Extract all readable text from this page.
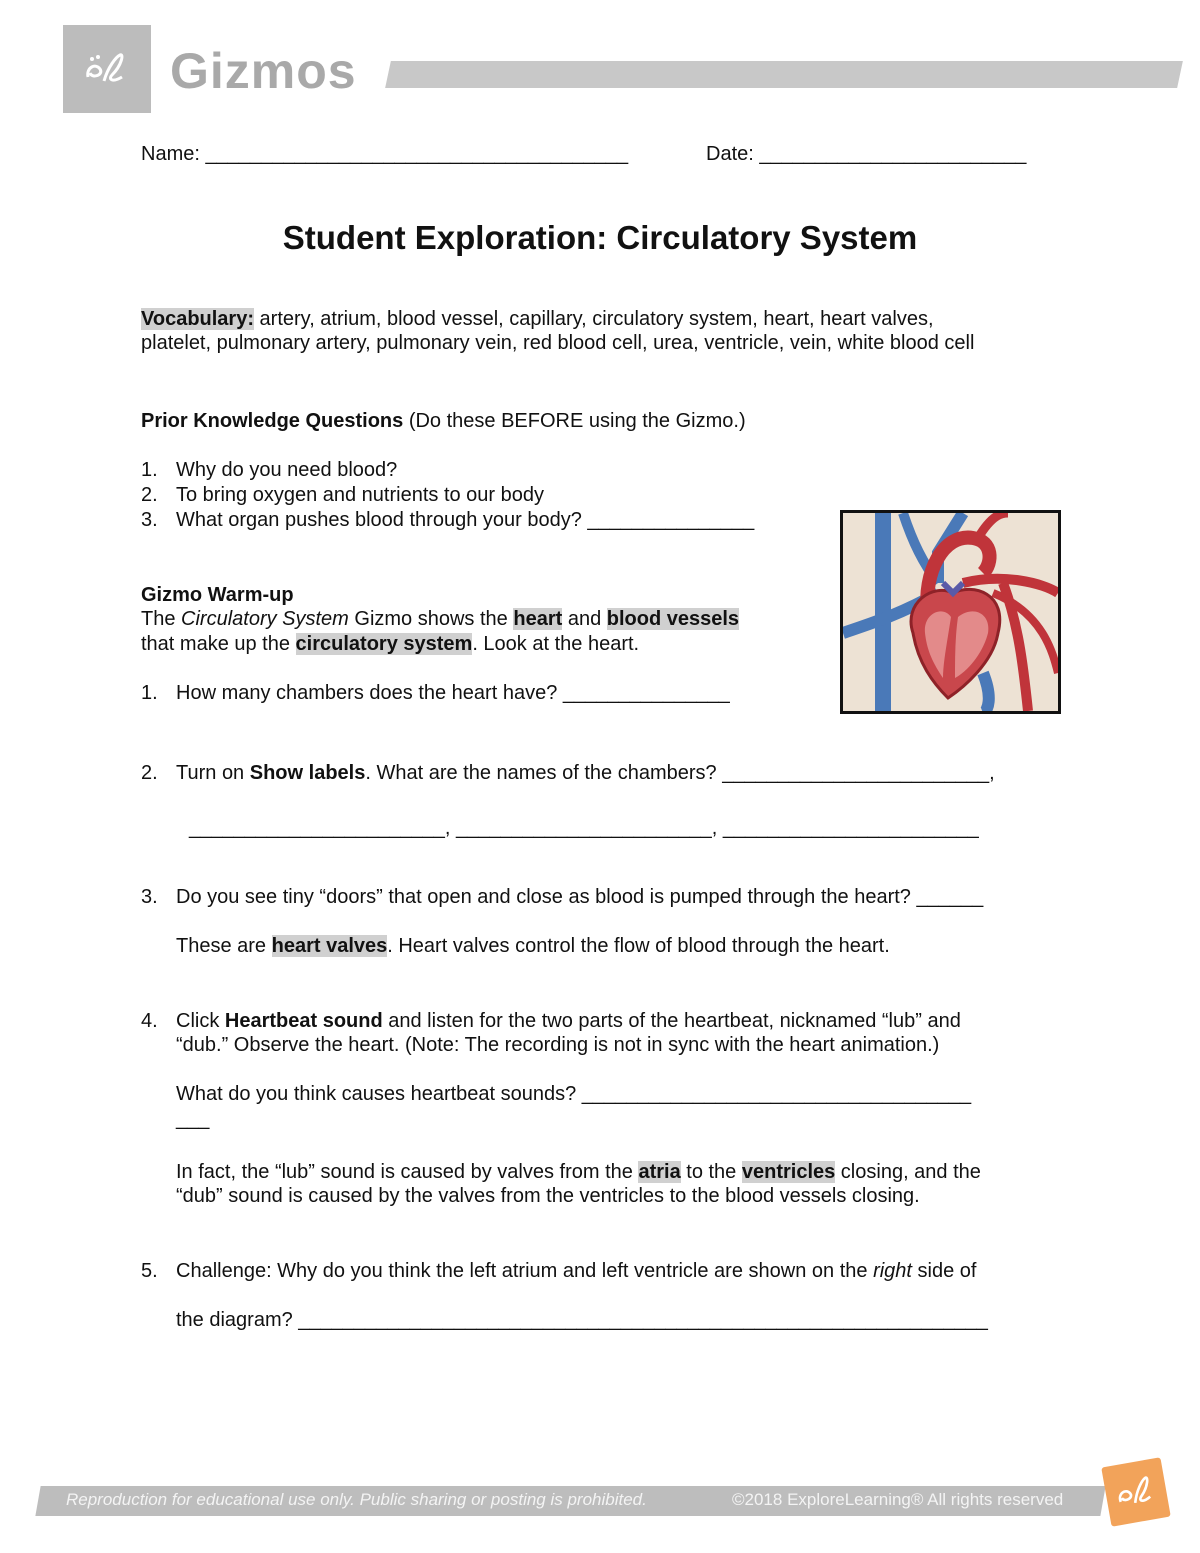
Gizmos
Name: ______________________________________	Date: ________________________
Student Exploration: Circulatory System
Vocabulary: artery, atrium, blood vessel, capillary, circulatory system, heart, heart valves,
platelet, pulmonary artery, pulmonary vein, red blood cell, urea, ventricle, vein, white blood cell
Prior Knowledge Questions (Do these BEFORE using the Gizmo.)
1. Why do you need blood?
2. To bring oxygen and nutrients to our body
3. What organ pushes blood through your body? _______________
Gizmo Warm-up
The Circulatory System Gizmo shows the heart and blood vessels
that make up the circulatory system. Look at the heart.
1. How many chambers does the heart have? _______________
2. Turn on Show labels. What are the names of the chambers? ________________________,
_______________________, _______________________, _______________________
3. Do you see tiny “doors” that open and close as blood is pumped through the heart? ______
These are heart valves. Heart valves control the flow of blood through the heart.
4. Click Heartbeat sound and listen for the two parts of the heartbeat, nicknamed “lub” and
“dub.” Observe the heart. (Note: The recording is not in sync with the heart animation.)
What do you think causes heartbeat sounds? ___________________________________
___
In fact, the “lub” sound is caused by valves from the atria to the ventricles closing, and the
“dub” sound is caused by the valves from the ventricles to the blood vessels closing.
5. Challenge: Why do you think the left atrium and left ventricle are shown on the right side of
the diagram? ______________________________________________________________
Reproduction for educational use only. Public sharing or posting is prohibited.	©2018 ExploreLearning® All rights reserved
